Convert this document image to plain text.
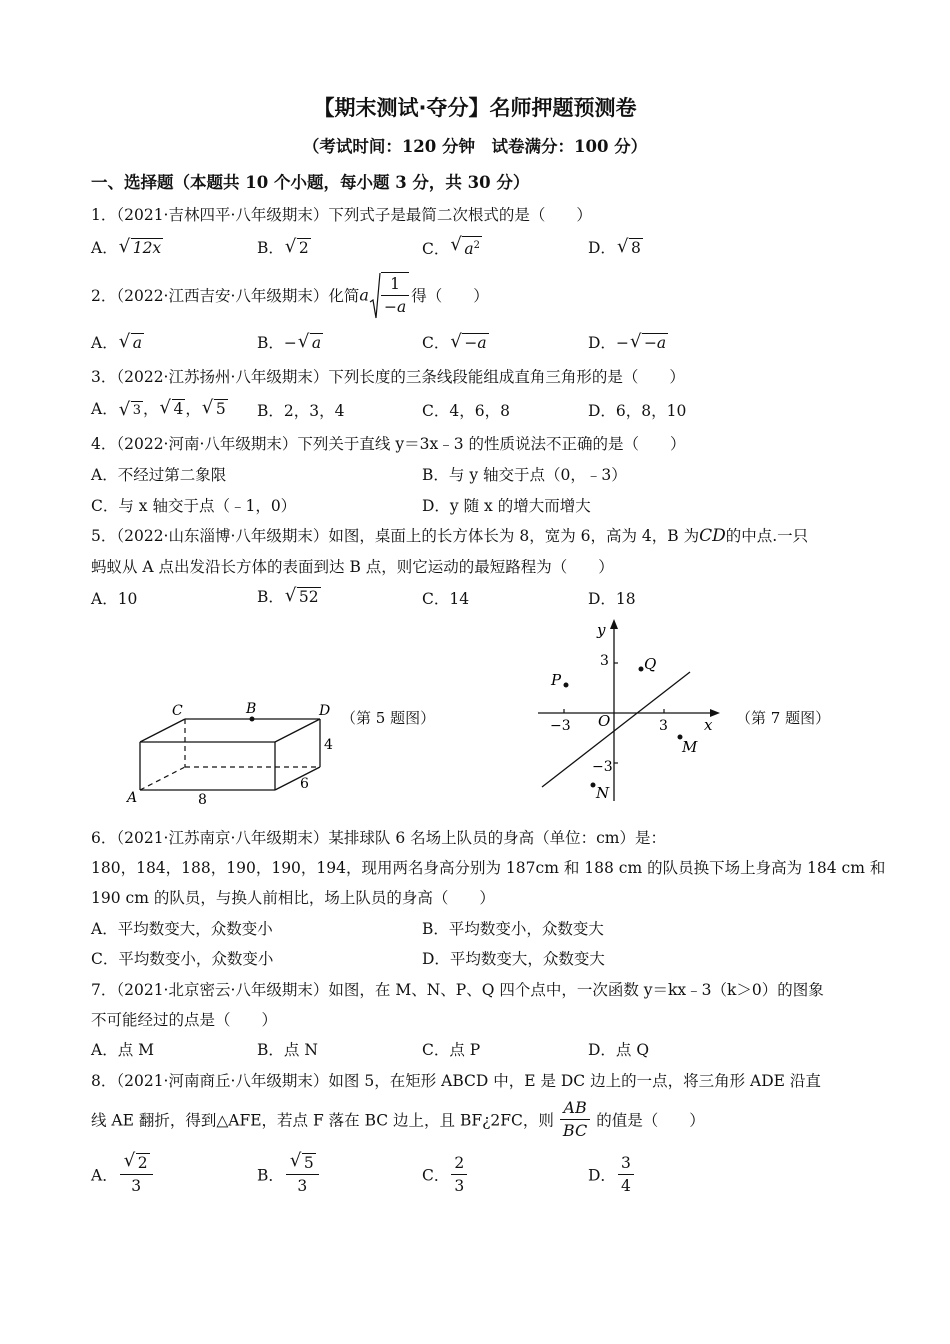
【期末测试·夺分】名师押题预测卷
（考试时间：120 分钟　试卷满分：100 分）
一、选择题（本题共 10 个小题，每小题 3 分，共 30 分）
1．（2021·吉林四平·八年级期末）下列式子是最简二次根式的是（　　）
A． √ 12x	B． √ 2	C． √ $a^2$	D． √ 8
2．（2022·江西吉安·八年级期末）化简a $\frac{1}{-a}$ 得（　　）
A． √ a	B．− √ a	C． √ −a	D．− √ −a
3．（2022·江苏扬州·八年级期末）下列长度的三条线段能组成直角三角形的是（　　）
A． √ 3 ， √ 4 ， √ 5 B．2，3，4	C．4，6，8	D．6，8，10
4．（2022·河南·八年级期末）下列关于直线 y＝3x﹣3 的性质说法不正确的是（　　）
A．不经过第二象限	B．与 y 轴交于点（0，﹣3）
C．与 x 轴交于点（﹣1，0）	D．y 随 x 的增大而增大
5．（2022·山东淄博·八年级期末）如图，桌面上的长方体长为 8，宽为 6，高为 4，B 为CD的中点.一只
蚂蚁从 A 点出发沿长方体的表面到达 B 点，则它运动的最短路程为（　　）
A．10	B． √ 52	C．14	D．18
C	B	D
A
4
6
8
（第 5 题图）
y
x
O
3
−3	3
−3
P
Q
M
N
（第 7 题图）
6．（2021·江苏南京·八年级期末）某排球队 6 名场上队员的身高（单位：cm）是：
180，184，188，190，190，194，现用两名身高分别为 187cm 和 188 cm 的队员换下场上身高为 184 cm 和
190 cm 的队员，与换人前相比，场上队员的身高（　　）
A．平均数变大，众数变小	B．平均数变小，众数变大
C．平均数变小，众数变小	D．平均数变大，众数变大
7．（2021·北京密云·八年级期末）如图，在 M、N、P、Q 四个点中，一次函数 y＝kx﹣3（k＞0）的图象
不可能经过的点是（　　）
A．点 M	B．点 N	C．点 P	D．点 Q
8．（2021·河南商丘·八年级期末）如图 5，在矩形 ABCD 中，E 是 DC 边上的一点，将三角形 ADE 沿直
线 AE 翻折，得到△AFE，若点 F 落在 BC 边上，且 BF¿2FC，则 $\frac{AB}{BC}$ 的值是（　　）
A． √ $\frac{2}{3}$	B． √ $\frac{5}{3}$	C． $\frac{2}{3}$	D． $\frac{3}{4}$
